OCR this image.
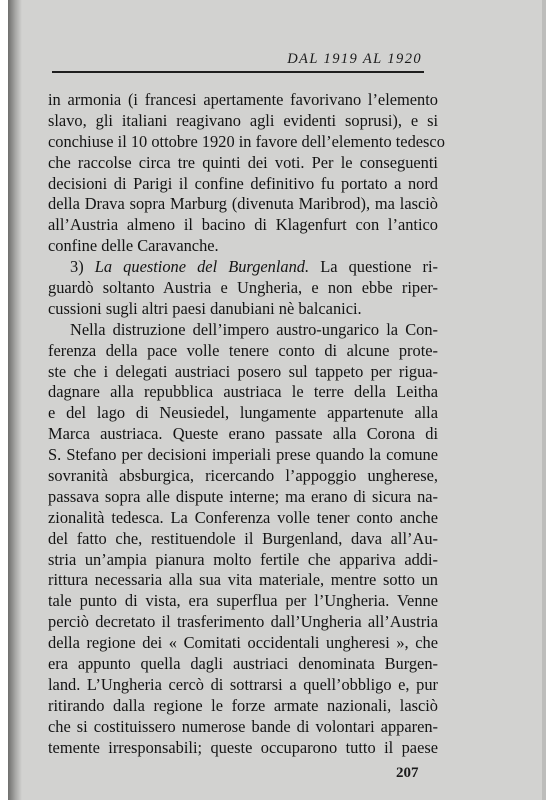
DAL 1919 AL 1920
in armonia (i francesi apertamente favorivano l’elemento
slavo, gli italiani reagivano agli evidenti soprusi), e si
conchiuse il 10 ottobre 1920 in favore dell’elemento tedesco
che raccolse circa tre quinti dei voti. Per le conseguenti
decisioni di Parigi il confine definitivo fu portato a nord
della Drava sopra Marburg (divenuta Maribrod), ma lasciò
all’Austria almeno il bacino di Klagenfurt con l’antico
confine delle Caravanche.
3) La questione del Burgenland. La questione ri-
guardò soltanto Austria e Ungheria, e non ebbe riper-
cussioni sugli altri paesi danubiani nè balcanici.
Nella distruzione dell’impero austro-ungarico la Con-
ferenza della pace volle tenere conto di alcune prote-
ste che i delegati austriaci posero sul tappeto per rigua-
dagnare alla repubblica austriaca le terre della Leitha
e del lago di Neusiedel, lungamente appartenute alla
Marca austriaca. Queste erano passate alla Corona di
S. Stefano per decisioni imperiali prese quando la comune
sovranità absburgica, ricercando l’appoggio ungherese,
passava sopra alle dispute interne; ma erano di sicura na-
zionalità tedesca. La Conferenza volle tener conto anche
del fatto che, restituendole il Burgenland, dava all’Au-
stria un’ampia pianura molto fertile che appariva addi-
rittura necessaria alla sua vita materiale, mentre sotto un
tale punto di vista, era superflua per l’Ungheria. Venne
perciò decretato il trasferimento dall’Ungheria all’Austria
della regione dei « Comitati occidentali ungheresi », che
era appunto quella dagli austriaci denominata Burgen-
land. L’Ungheria cercò di sottrarsi a quell’obbligo e, pur
ritirando dalla regione le forze armate nazionali, lasciò
che si costituissero numerose bande di volontari apparen-
temente irresponsabili; queste occuparono tutto il paese
207
